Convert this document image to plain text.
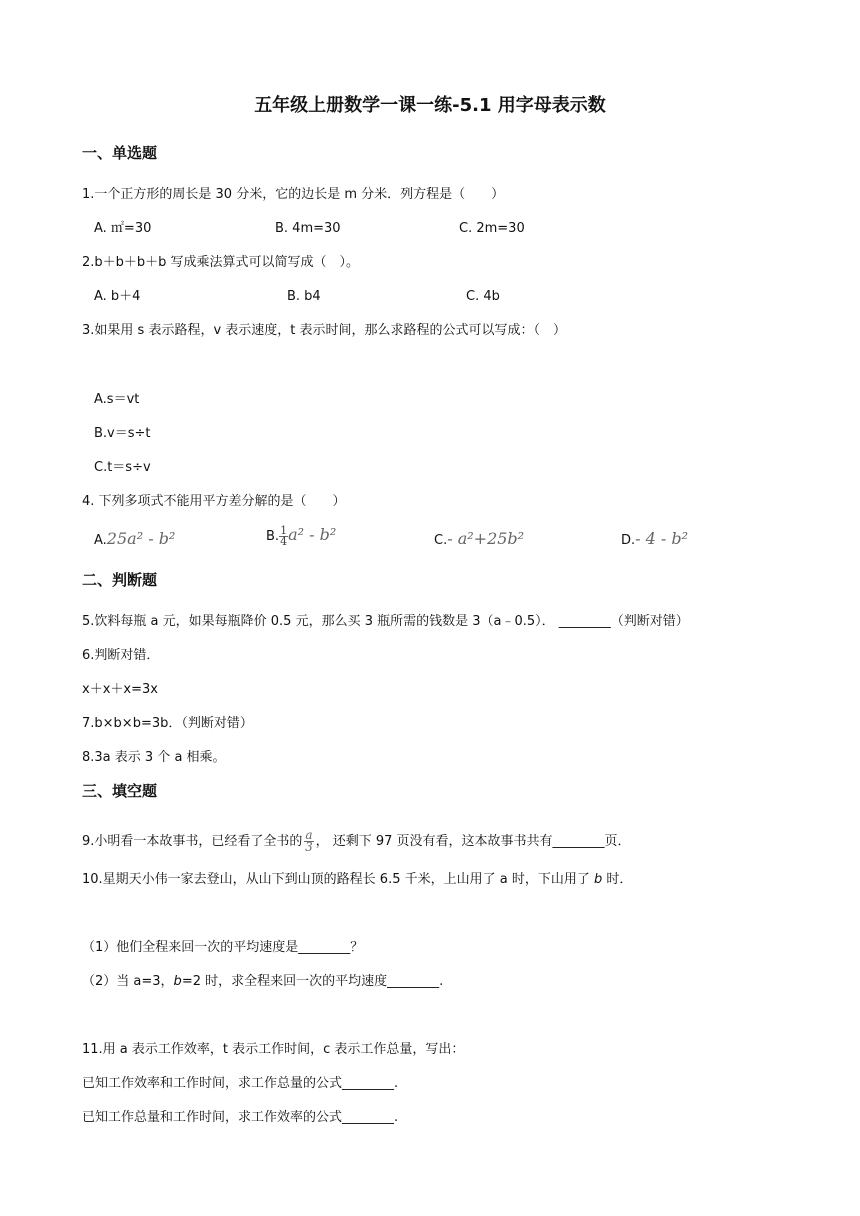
五年级上册数学一课一练-5.1 用字母表示数
一、单选题
1.一个正方形的周长是 30 分米，它的边长是 m 分米．列方程是（　　）
A. ㎡=30	B. 4m=30	C. 2m=30
2.b＋b＋b＋b 写成乘法算式可以简写成（　）。
A. b＋4	B. b4	C. 4b
3.如果用 s 表示路程，v 表示速度，t 表示时间，那么求路程的公式可以写成：（　）
A.s＝vt
B.v＝s÷t
C.t＝s÷v
4. 下列多项式不能用平方差分解的是（　　）
A.25a² - b²	B. $\frac{1}{4} a^2 - b^2$	C.- a²+25b²	D.- 4 - b²
二、判断题
5.饮料每瓶 a 元，如果每瓶降价 0.5 元，那么买 3 瓶所需的钱数是 3（a﹣0.5）． ________（判断对错）
6.判断对错．
x＋x＋x=3x
7.b×b×b=3b．（判断对错）
8.3a 表示 3 个 a 相乘。
三、填空题
9.小明看一本故事书，已经看了全书的 $\frac{a}{3}$ ， 还剩下 97 页没有看，这本故事书共有________页．
10.星期天小伟一家去登山，从山下到山顶的路程长 6.5 千米，上山用了 a 时，下山用了 b 时．
（1）他们全程来回一次的平均速度是________？
（2）当 a=3，b=2 时，求全程来回一次的平均速度________.
11.用 a 表示工作效率，t 表示工作时间，c 表示工作总量，写出：
已知工作效率和工作时间，求工作总量的公式________.
已知工作总量和工作时间，求工作效率的公式________.
